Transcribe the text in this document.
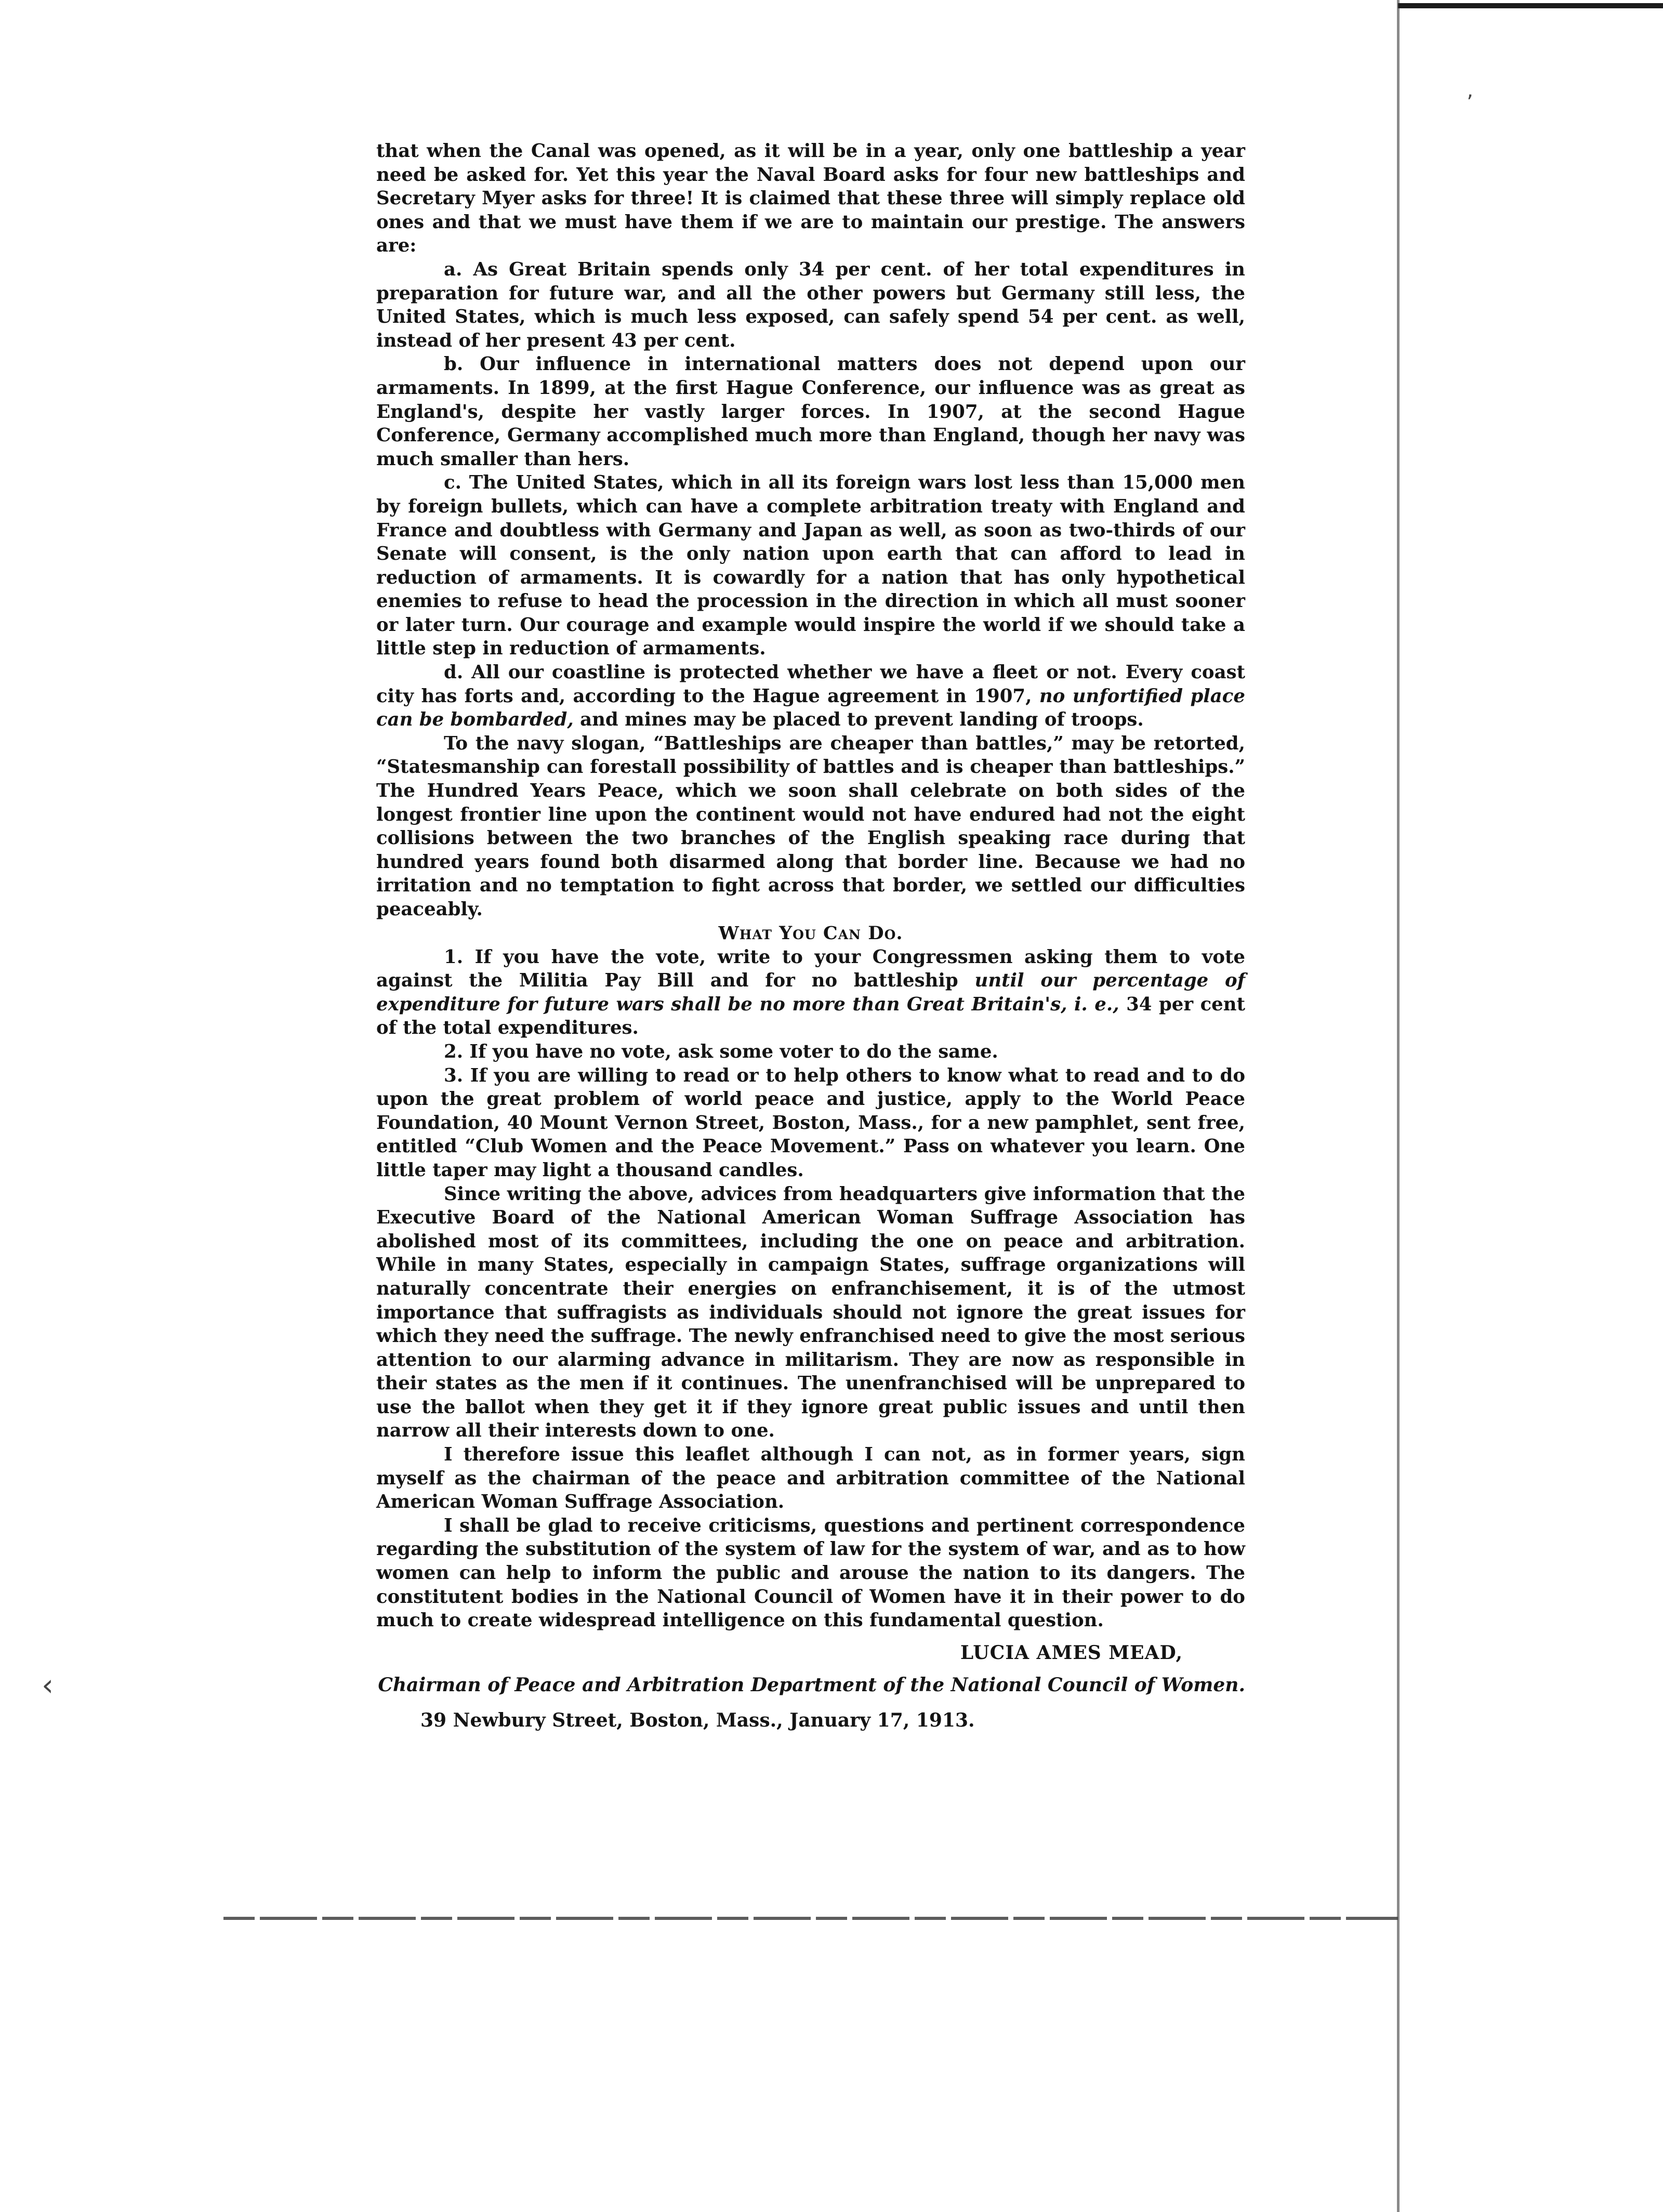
that when the Canal was opened, as it will be in a year, only one battleship a year need be asked for. Yet this year the Naval Board asks for four new battleships and Secretary Myer asks for three! It is claimed that these three will simply replace old ones and that we must have them if we are to maintain our prestige. The answers are:

a. As Great Britain spends only 34 per cent. of her total expenditures in preparation for future war, and all the other powers but Germany still less, the United States, which is much less exposed, can safely spend 54 per cent. as well, instead of her present 43 per cent.

b. Our influence in international matters does not depend upon our armaments. In 1899, at the first Hague Conference, our influence was as great as England's, despite her vastly larger forces. In 1907, at the second Hague Conference, Germany accomplished much more than England, though her navy was much smaller than hers.

c. The United States, which in all its foreign wars lost less than 15,000 men by foreign bullets, which can have a complete arbitration treaty with England and France and doubtless with Germany and Japan as well, as soon as two-thirds of our Senate will consent, is the only nation upon earth that can afford to lead in reduction of armaments. It is cowardly for a nation that has only hypothetical enemies to refuse to head the procession in the direction in which all must sooner or later turn. Our courage and example would inspire the world if we should take a little step in reduction of armaments.

d. All our coastline is protected whether we have a fleet or not. Every coast city has forts and, according to the Hague agreement in 1907, no unfortified place can be bombarded, and mines may be placed to prevent landing of troops.

To the navy slogan, “Battleships are cheaper than battles,” may be retorted, “Statesmanship can forestall possibility of battles and is cheaper than battleships.” The Hundred Years Peace, which we soon shall celebrate on both sides of the longest frontier line upon the continent would not have endured had not the eight collisions between the two branches of the English speaking race during that hundred years found both disarmed along that border line. Because we had no irritation and no temptation to fight across that border, we settled our difficulties peaceably.

What You Can Do.

1. If you have the vote, write to your Congressmen asking them to vote against the Militia Pay Bill and for no battleship until our percentage of expenditure for future wars shall be no more than Great Britain's, i. e., 34 per cent of the total expenditures.

2. If you have no vote, ask some voter to do the same.

3. If you are willing to read or to help others to know what to read and to do upon the great problem of world peace and justice, apply to the World Peace Foundation, 40 Mount Vernon Street, Boston, Mass., for a new pamphlet, sent free, entitled “Club Women and the Peace Movement.” Pass on whatever you learn. One little taper may light a thousand candles.

Since writing the above, advices from headquarters give information that the Executive Board of the National American Woman Suffrage Association has abolished most of its committees, including the one on peace and arbitration. While in many States, especially in campaign States, suffrage organizations will naturally concentrate their energies on enfranchisement, it is of the utmost importance that suffragists as individuals should not ignore the great issues for which they need the suffrage. The newly enfranchised need to give the most serious attention to our alarming advance in militarism. They are now as responsible in their states as the men if it continues. The unenfranchised will be unprepared to use the ballot when they get it if they ignore great public issues and until then narrow all their interests down to one.

I therefore issue this leaflet although I can not, as in former years, sign myself as the chairman of the peace and arbitration committee of the National American Woman Suffrage Association.

I shall be glad to receive criticisms, questions and pertinent correspondence regarding the substitution of the system of law for the system of war, and as to how women can help to inform the public and arouse the nation to its dangers. The constitutent bodies in the National Council of Women have it in their power to do much to create widespread intelligence on this fundamental question.

LUCIA AMES MEAD,

Chairman of Peace and Arbitration Department of the National Council of Women.

39 Newbury Street, Boston, Mass., January 17, 1913.

’
‹
